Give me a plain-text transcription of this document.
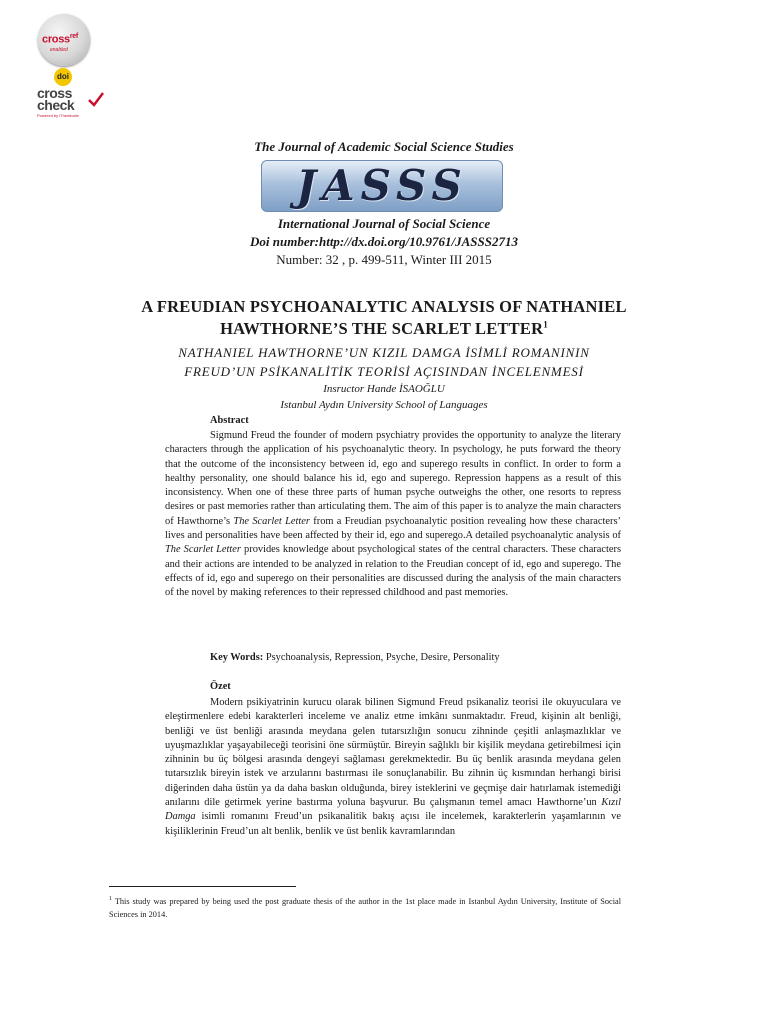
cross$^{ref}$
enabled
doi
cross
check
Powered by iThenticate
The Journal of Academic Social Science Studies
JASSS
International Journal of Social Science
Doi number:http://dx.doi.org/10.9761/JASSS2713
Number: 32 , p. 499-511, Winter III 2015
A FREUDIAN PSYCHOANALYTIC ANALYSIS OF NATHANIEL
HAWTHORNE’S THE SCARLET LETTER$^1$
NATHANIEL HAWTHORNE’UN KIZIL DAMGA İSİMLİ ROMANININ
FREUD’UN PSİKANALİTİK TEORİSİ AÇISINDAN İNCELENMESİ
Insructor Hande İSAOĞLU
Istanbul Aydın University School of Languages
Abstract
Sigmund Freud the founder of modern psychiatry provides the opportunity to analyze the literary characters through the application of his psychoanalytic theory. In psychology, he puts forward the theory that the outcome of the inconsistency between id, ego and superego results in conflict. In order to form a healthy personality, one should balance his id, ego and superego. Repression happens as a result of this inconsistency. When one of these three parts of human psyche outweighs the other, one resorts to repress desires or past memories rather than articulating them. The aim of this paper is to analyze the main characters of Hawthorne’s The Scarlet Letter from a Freudian psychoanalytic position revealing how these characters’ lives and personalities have been affected by their id, ego and superego.A detailed psychoanalytic analysis of The Scarlet Letter provides knowledge about psychological states of the central characters. These characters and their actions are intended to be analyzed in relation to the Freudian concept of id, ego and superego. The effects of id, ego and superego on their personalities are discussed during the analysis of the main characters of the novel by making references to their repressed childhood and past memories.
Key Words: Psychoanalysis, Repression, Psyche, Desire, Personality
Özet
Modern psikiyatrinin kurucu olarak bilinen Sigmund Freud psikanaliz teorisi ile okuyuculara ve eleştirmenlere edebi karakterleri inceleme ve analiz etme imkânı sunmaktadır. Freud, kişinin alt benliği, benliği ve üst benliği arasında meydana gelen tutarsızlığın sonucu zihninde çeşitli anlaşmazlıklar ve uyuşmazlıklar yaşayabileceği teorisini öne sürmüştür. Bireyin sağlıklı bir kişilik meydana getirebilmesi için zihninin bu üç bölgesi arasında dengeyi sağlaması gerekmektedir. Bu üç benlik arasında meydana gelen tutarsızlık bireyin istek ve arzularını bastırması ile sonuçlanabilir. Bu zihnin üç kısmından herhangi birisi diğerinden daha üstün ya da daha baskın olduğunda, birey isteklerini ve geçmişe dair hatırlamak istemediği anılarını dile getirmek yerine bastırma yoluna başvurur. Bu çalışmanın temel amacı Hawthorne’un Kızıl Damga isimli romanını Freud’un psikanalitik bakış açısı ile incelemek, karakterlerin yaşamlarının ve kişiliklerinin Freud’un alt benlik, benlik ve üst benlik kavramlarından
$^1$ This study was prepared by being used the post graduate thesis of the author in the 1st place made in Istanbul Aydın University, Institute of Social Sciences in 2014.
